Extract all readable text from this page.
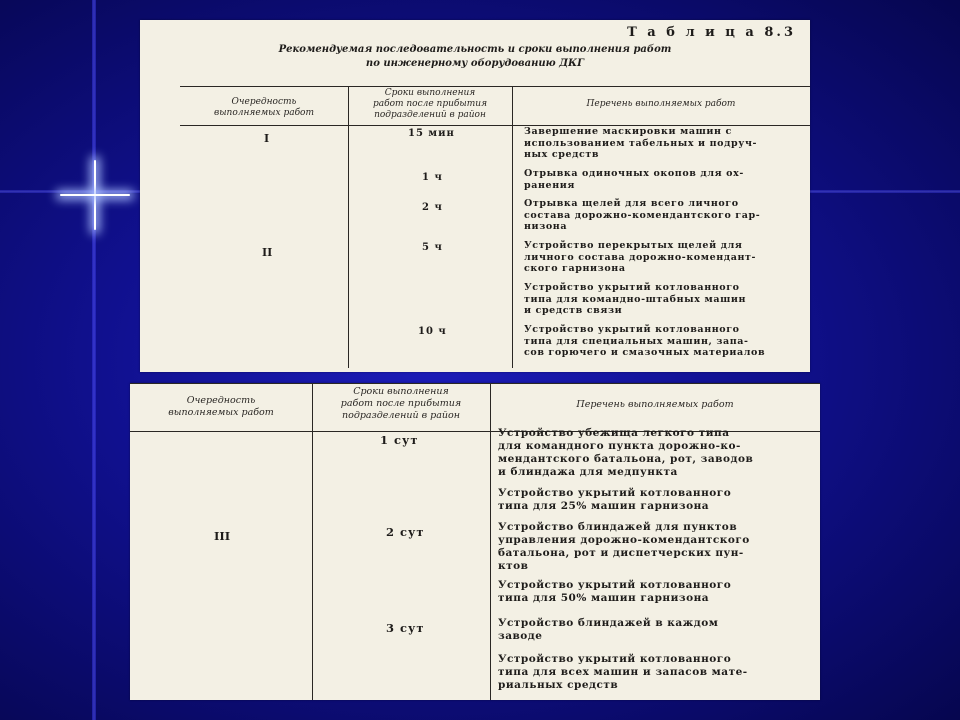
Т а б л и ц а 8.3
Рекомендуемая последовательность и сроки выполнения работ
по инженерному оборудованию ДКГ
Очередность
выполняемых работ
Сроки выполнения
работ после прибытия
подразделений в район
Перечень выполняемых работ
I
II
15 мин
1 ч
2 ч
5 ч
10 ч
Завершение маскировки машин с
использованием табельных и подруч-
ных средств
Отрывка одиночных окопов для ох-
ранения
Отрывка щелей для всего личного
состава дорожно-комендантского гар-
низона
Устройство перекрытых щелей для
личного состава дорожно-комендант-
ского гарнизона
Устройство укрытий котлованного
типа для командно-штабных машин
и средств связи
Устройство укрытий котлованного
типа для специальных машин, запа-
сов горючего и смазочных материалов
Очередность
выполняемых работ
Сроки выполнения
работ после прибытия
подразделений в район
Перечень выполняемых работ
III
1 сут
2 сут
3 сут
Устройство убежища легкого типа
для командного пункта дорожно-ко-
мендантского батальона, рот, заводов
и блиндажа для медпункта
Устройство укрытий котлованного
типа для 25% машин гарнизона
Устройство блиндажей для пунктов
управления дорожно-комендантского
батальона, рот и диспетчерских пун-
ктов
Устройство укрытий котлованного
типа для 50% машин гарнизона
Устройство блиндажей в каждом
заводе
Устройство укрытий котлованного
типа для всех машин и запасов мате-
риальных средств
